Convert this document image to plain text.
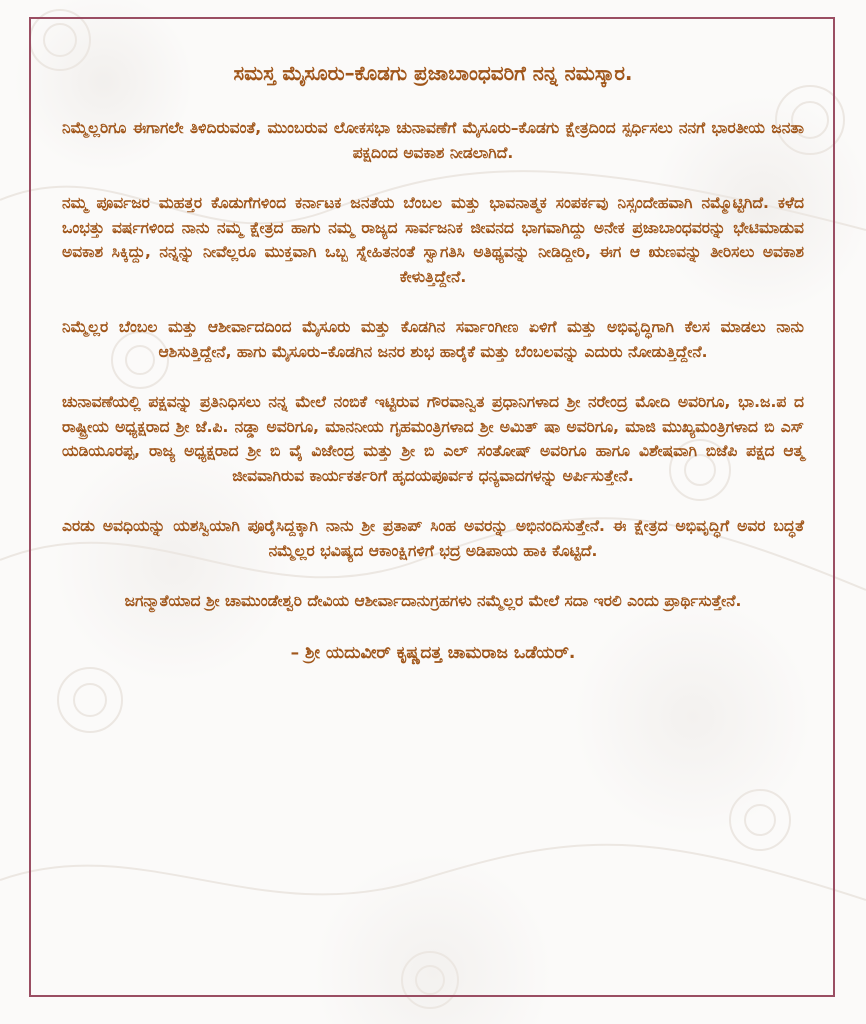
ಸಮಸ್ತ ಮೈಸೂರು–ಕೊಡಗು ಪ್ರಜಾಬಾಂಧವರಿಗೆ ನನ್ನ ನಮಸ್ಕಾರ.

ನಿಮ್ಮೆಲ್ಲರಿಗೂ ಈಗಾಗಲೇ ತಿಳಿದಿರುವಂತೆ, ಮುಂಬರುವ ಲೋಕಸಭಾ ಚುನಾವಣೆಗೆ ಮೈಸೂರು–ಕೊಡಗು ಕ್ಷೇತ್ರದಿಂದ ಸ್ಪರ್ಧಿಸಲು ನನಗೆ ಭಾರತೀಯ ಜನತಾ ಪಕ್ಷದಿಂದ ಅವಕಾಶ ನೀಡಲಾಗಿದೆ.

ನಮ್ಮ ಪೂರ್ವಜರ ಮಹತ್ತರ ಕೊಡುಗೆಗಳಿಂದ ಕರ್ನಾಟಕ ಜನತೆಯ ಬೆಂಬಲ ಮತ್ತು ಭಾವನಾತ್ಮಕ ಸಂಪರ್ಕವು ನಿಸ್ಸಂದೇಹವಾಗಿ ನಮ್ಮೊಟ್ಟಿಗಿದೆ. ಕಳೆದ ಒಂಭತ್ತು ವರ್ಷಗಳಿಂದ ನಾನು ನಮ್ಮ ಕ್ಷೇತ್ರದ ಹಾಗು ನಮ್ಮ ರಾಜ್ಯದ ಸಾರ್ವಜನಿಕ ಜೀವನದ ಭಾಗವಾಗಿದ್ದು ಅನೇಕ ಪ್ರಜಾಬಾಂಧವರನ್ನು ಭೇಟಿಮಾಡುವ ಅವಕಾಶ ಸಿಕ್ಕಿದ್ದು, ನನ್ನನ್ನು ನೀವೆಲ್ಲರೂ ಮುಕ್ತವಾಗಿ ಒಬ್ಬ ಸ್ನೇಹಿತನಂತೆ ಸ್ವಾಗತಿಸಿ ಅತಿಥ್ಯವನ್ನು ನೀಡಿದ್ದೀರಿ, ಈಗ ಆ ಋಣವನ್ನು ತೀರಿಸಲು ಅವಕಾಶ ಕೇಳುತ್ತಿದ್ದೇನೆ.

ನಿಮ್ಮೆಲ್ಲರ ಬೆಂಬಲ ಮತ್ತು ಆಶೀರ್ವಾದದಿಂದ ಮೈಸೂರು ಮತ್ತು ಕೊಡಗಿನ ಸರ್ವಾಂಗೀಣ ಏಳಿಗೆ ಮತ್ತು ಅಭಿವೃದ್ಧಿಗಾಗಿ ಕೆಲಸ ಮಾಡಲು ನಾನು ಆಶಿಸುತ್ತಿದ್ದೇನೆ, ಹಾಗು ಮೈಸೂರು–ಕೊಡಗಿನ ಜನರ ಶುಭ ಹಾರೈಕೆ ಮತ್ತು ಬೆಂಬಲವನ್ನು ಎದುರು ನೋಡುತ್ತಿದ್ದೇನೆ.

ಚುನಾವಣೆಯಲ್ಲಿ ಪಕ್ಷವನ್ನು ಪ್ರತಿನಿಧಿಸಲು ನನ್ನ ಮೇಲೆ ನಂಬಿಕೆ ಇಟ್ಟಿರುವ ಗೌರವಾನ್ವಿತ ಪ್ರಧಾನಿಗಳಾದ ಶ್ರೀ ನರೇಂದ್ರ ಮೋದಿ ಅವರಿಗೂ, ಭಾ.ಜ.ಪ ದ ರಾಷ್ಟ್ರೀಯ ಅಧ್ಯಕ್ಷರಾದ ಶ್ರೀ ಜೆ.ಪಿ. ನಡ್ಡಾ ಅವರಿಗೂ, ಮಾನನೀಯ ಗೃಹಮಂತ್ರಿಗಳಾದ ಶ್ರೀ ಅಮಿತ್ ಷಾ ಅವರಿಗೂ, ಮಾಜಿ ಮುಖ್ಯಮಂತ್ರಿಗಳಾದ ಬಿ ಎಸ್ ಯಡಿಯೂರಪ್ಪ, ರಾಜ್ಯ ಅಧ್ಯಕ್ಷರಾದ ಶ್ರೀ ಬಿ ವೈ ವಿಜೇಂದ್ರ ಮತ್ತು ಶ್ರೀ ಬಿ ಎಲ್ ಸಂತೋಷ್ ಅವರಿಗೂ ಹಾಗೂ ವಿಶೇಷವಾಗಿ ಬಿಜೆಪಿ ಪಕ್ಷದ ಆತ್ಮ ಜೀವವಾಗಿರುವ ಕಾರ್ಯಕರ್ತರಿಗೆ ಹೃದಯಪೂರ್ವಕ ಧನ್ಯವಾದಗಳನ್ನು ಅರ್ಪಿಸುತ್ತೇನೆ.

ಎರಡು ಅವಧಿಯನ್ನು ಯಶಸ್ವಿಯಾಗಿ ಪೂರೈಸಿದ್ದಕ್ಕಾಗಿ ನಾನು ಶ್ರೀ ಪ್ರತಾಪ್ ಸಿಂಹ ಅವರನ್ನು ಅಭಿನಂದಿಸುತ್ತೇನೆ. ಈ ಕ್ಷೇತ್ರದ ಅಭಿವೃದ್ಧಿಗೆ ಅವರ ಬದ್ಧತೆ ನಮ್ಮೆಲ್ಲರ ಭವಿಷ್ಯದ ಆಕಾಂಕ್ಷಿಗಳಿಗೆ ಭದ್ರ ಅಡಿಪಾಯ ಹಾಕಿ ಕೊಟ್ಟಿದೆ.

ಜಗನ್ಮಾತೆಯಾದ ಶ್ರೀ ಚಾಮುಂಡೇಶ್ವರಿ ದೇವಿಯ ಆಶೀರ್ವಾದಾನುಗ್ರಹಗಳು ನಮ್ಮೆಲ್ಲರ ಮೇಲೆ ಸದಾ ಇರಲಿ ಎಂದು ಪ್ರಾರ್ಥಿಸುತ್ತೇನೆ.

– ಶ್ರೀ ಯದುವೀರ್ ಕೃಷ್ಣದತ್ತ ಚಾಮರಾಜ ಒಡೆಯರ್.
